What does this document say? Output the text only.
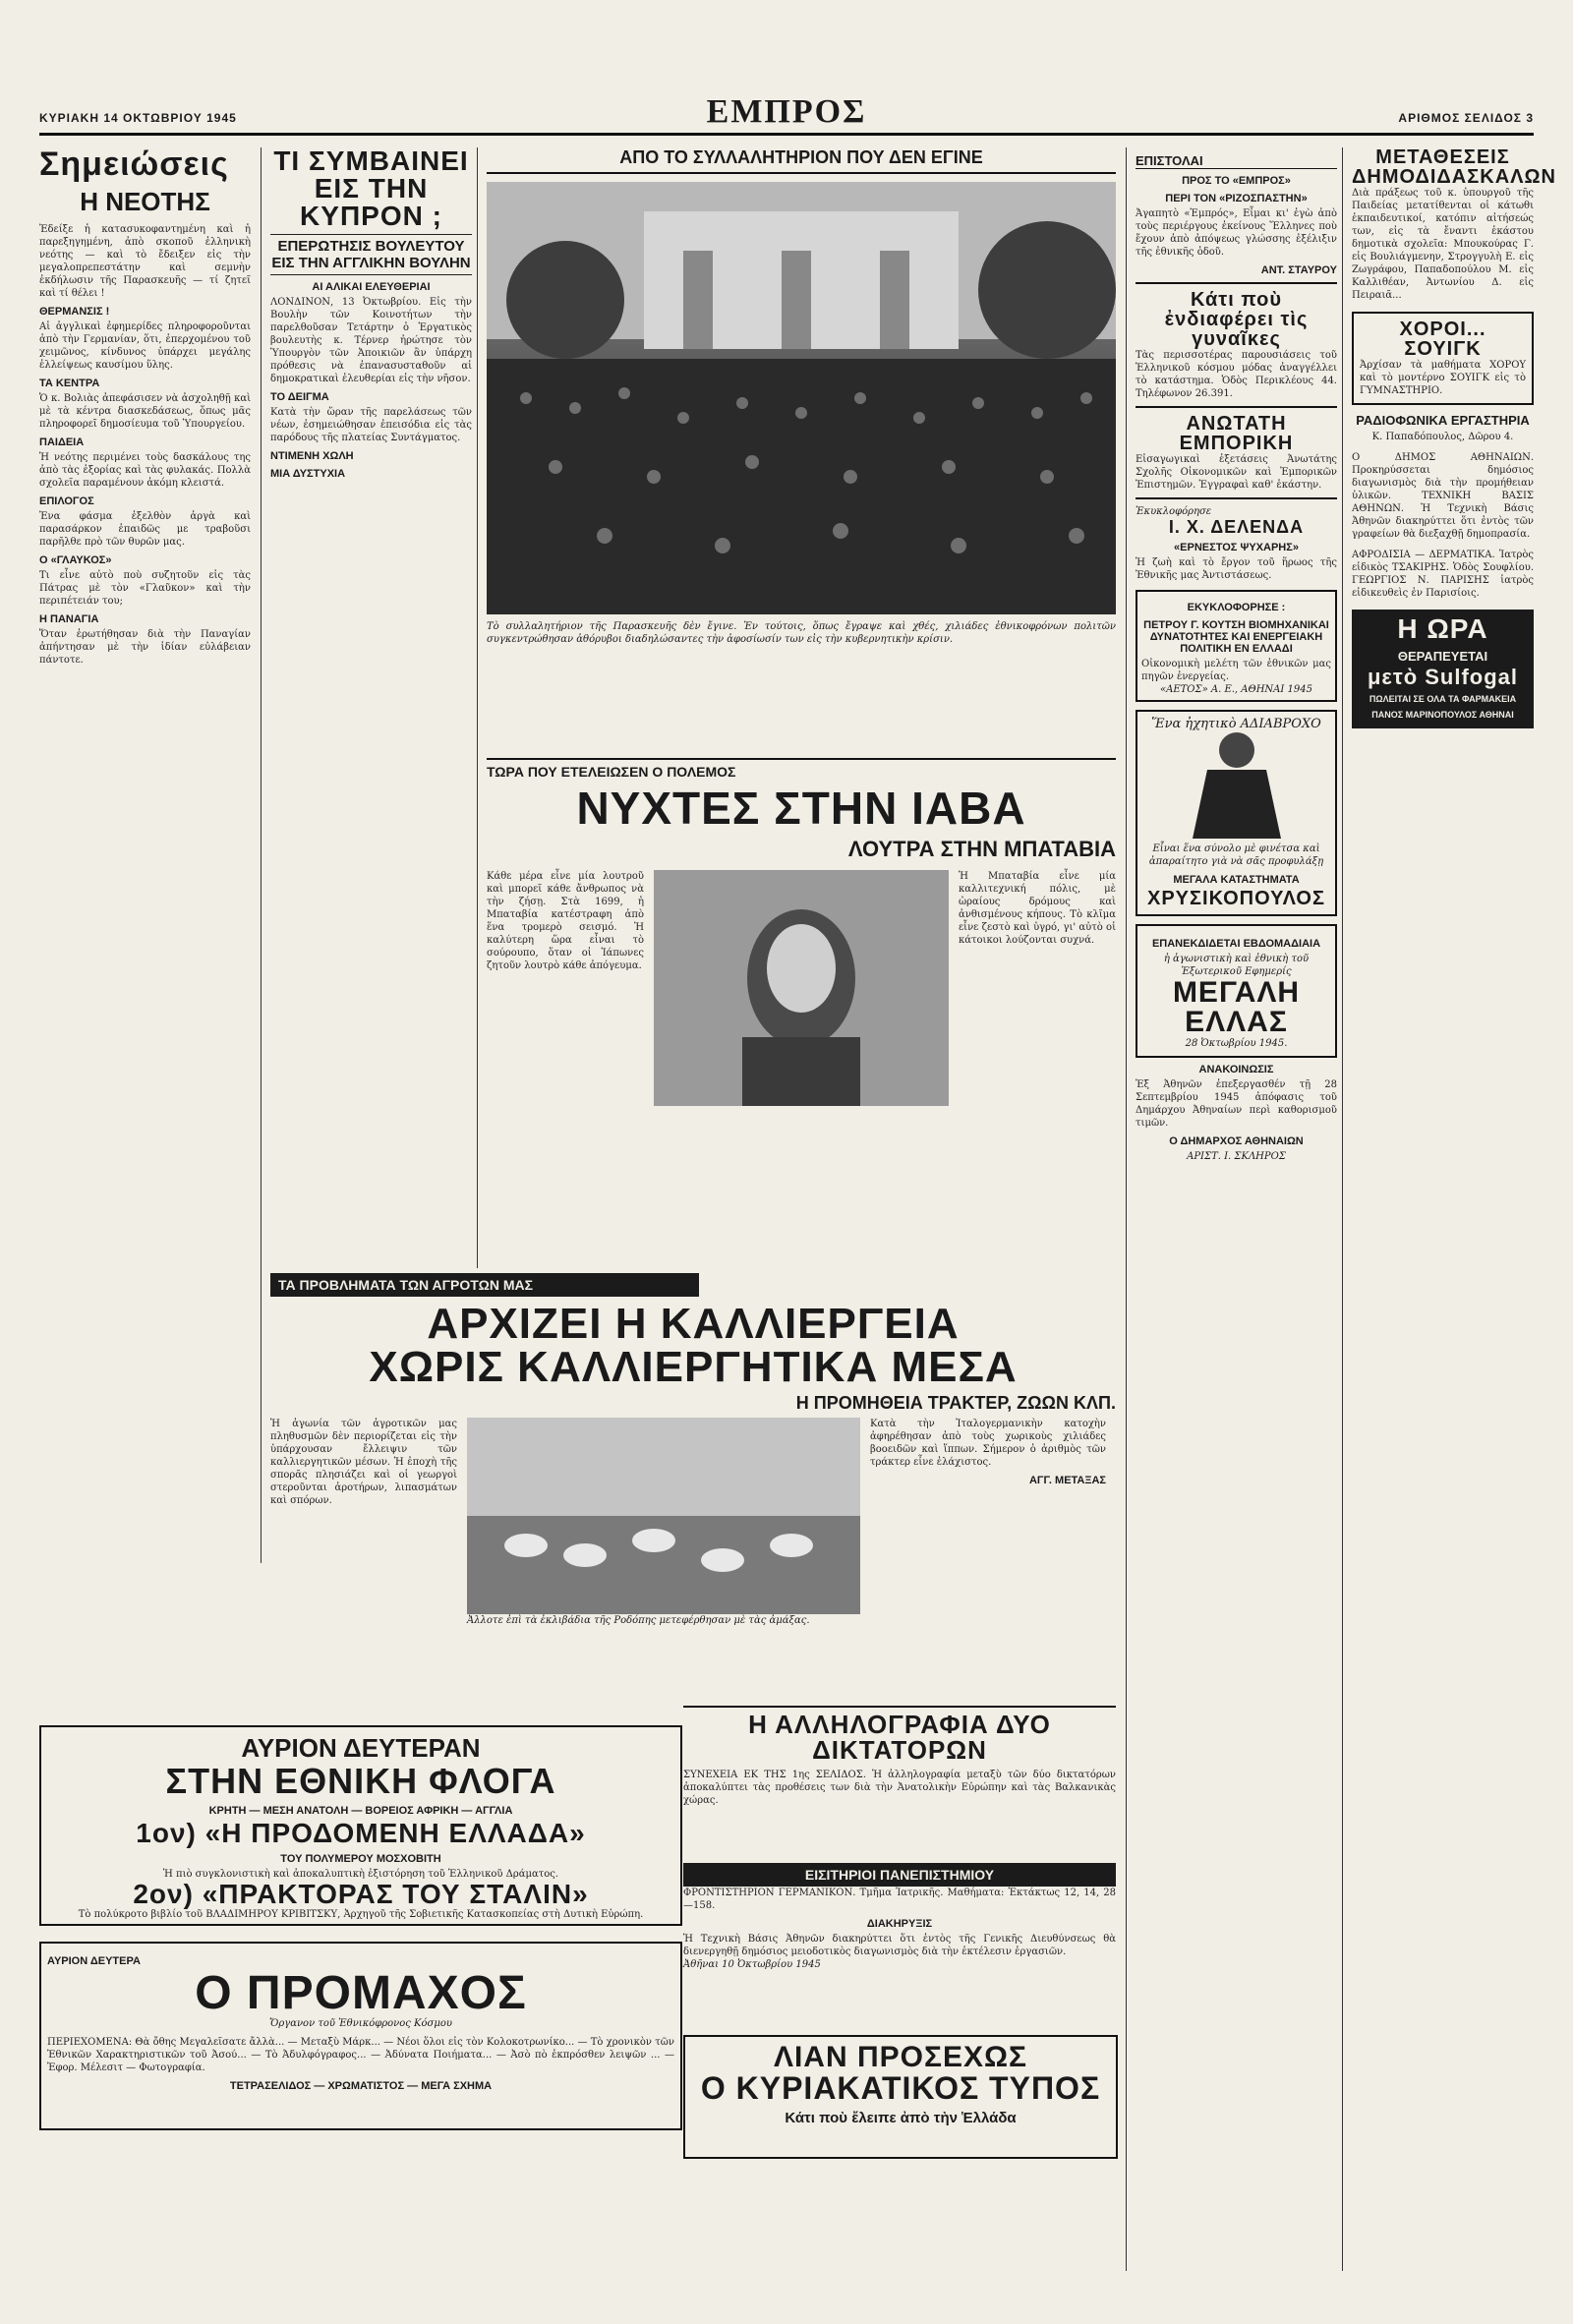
ΚΥΡΙΑΚΗ 14 ΟΚΤΩΒΡΙΟΥ 1945	ΕΜΠΡΟΣ	ΑΡΙΘΜΟΣ ΣΕΛΙΔΟΣ 3
Σημειώσεις
Η ΝΕΟΤΗΣ
Ἐδείξε ἡ κατασυκοφαντημένη καὶ ἡ παρεξηγημένη, ἀπὸ σκοποῦ ἑλληνικὴ νεότης — καὶ τὸ ἔδειξεν εἰς τὴν μεγαλοπρεπεστάτην καὶ σεμνὴν ἐκδήλωσιν τῆς Παρασκευῆς — τί ζητεῖ καὶ τί θέλει !
ΘΕΡΜΑΝΣΙΣ !
Αἱ ἀγγλικαὶ ἐφημερίδες πληροφοροῦνται ἀπὸ τὴν Γερμανίαν, ὅτι, ἐπερχομένου τοῦ χειμῶνος, κίνδυνος ὑπάρχει μεγάλης ἐλλείψεως καυσίμου ὕλης.
ΤΑ ΚΕΝΤΡΑ
Ὁ κ. Βολιὰς ἀπεφάσισεν νὰ ἀσχοληθῇ καὶ μὲ τὰ κέντρα διασκεδάσεως, ὅπως μᾶς πληροφορεῖ δημοσίευμα τοῦ Ὑπουργείου.
ΠΑΙΔΕΙΑ
Ἡ νεότης περιμένει τοὺς δασκάλους της ἀπὸ τὰς ἐξορίας καὶ τὰς φυλακάς. Πολλὰ σχολεῖα παραμένουν ἀκόμη κλειστά.
ΕΠΙΛΟΓΟΣ
Ἐνα φάσμα ἐξελθὸν ἀργὰ καὶ παρασάρκον ἐπαιδῶς με τραβοῦσι παρῆλθε πρὸ τῶν θυρῶν μας.
Ο «ΓΛΑΥΚΟΣ»
Τι εἶνε αὐτὸ ποὺ συζητοῦν εἰς τὰς Πάτρας μὲ τὸν «Γλαῦκον» καὶ τὴν περιπέτειάν του;
Η ΠΑΝΑΓΙΑ
Ὅταν ἐρωτήθησαν διὰ τὴν Παναγίαν ἀπήντησαν μὲ τὴν ἰδίαν εὐλάβειαν πάντοτε.
ΤΙ ΣΥΜΒΑΙΝΕΙ ΕΙΣ ΤΗΝ ΚΥΠΡΟΝ ;
ΕΠΕΡΩΤΗΣΙΣ ΒΟΥΛΕΥΤΟΥ ΕΙΣ ΤΗΝ ΑΓΓΛΙΚΗΝ ΒΟΥΛΗΝ
ΑΙ ΑΛΙΚΑΙ ΕΛΕΥΘΕΡΙΑΙ
ΛΟΝΔΙΝΟΝ, 13 Ὀκτωβρίου. Εἰς τὴν Βουλὴν τῶν Κοινοτήτων τὴν παρελθοῦσαν Τετάρτην ὁ Ἐργατικὸς βουλευτὴς κ. Τέρνερ ἠρώτησε τὸν Ὑπουργὸν τῶν Ἀποικιῶν ἂν ὑπάρχη πρόθεσις νὰ ἐπανασυσταθοῦν αἱ δημοκρατικαὶ ἐλευθερίαι εἰς τὴν νῆσον.
ΤΟ ΔΕΙΓΜΑ
Κατὰ τὴν ὥραν τῆς παρελάσεως τῶν νέων, ἐσημειώθησαν ἐπεισόδια εἰς τὰς παρόδους τῆς πλατείας Συντάγματος.
ΝΤΙΜΕΝΗ ΧΩΛΗ
ΜΙΑ ΔΥΣΤΥΧΙΑ
ΑΠΟ ΤΟ ΣΥΛΛΑΛΗΤΗΡΙΟΝ ΠΟΥ ΔΕΝ ΕΓΙΝΕ
Τὸ συλλαλητήριον τῆς Παρασκευῆς δὲν ἔγινε. Ἐν τούτοις, ὅπως ἔγραψε καὶ χθές, χιλιάδες ἐθνικοφρόνων πολιτῶν συγκεντρώθησαν ἀθόρυβοι διαδηλώσαντες τὴν ἀφοσίωσίν των εἰς τὴν κυβερνητικὴν κρίσιν.
ΤΩΡΑ ΠΟΥ ΕΤΕΛΕΙΩΣΕΝ Ο ΠΟΛΕΜΟΣ
ΝΥΧΤΕΣ ΣΤΗΝ ΙΑΒΑ
ΛΟΥΤΡΑ ΣΤΗΝ ΜΠΑΤΑΒΙΑ
Κάθε μέρα εἶνε μία λουτροῦ καὶ μπορεῖ κάθε ἄνθρωπος νὰ τὴν ζήσῃ. Στὰ 1699, ἡ Μπαταβία κατέστραφη ἀπὸ ἕνα τρομερὸ σεισμό. Ἡ καλύτερη ὥρα εἶναι τὸ σούρουπο, ὅταν οἱ Ἰάπωνες ζητοῦν λουτρὸ κάθε ἀπόγευμα.
Ἡ Μπαταβία εἶνε μία καλλιτεχνική πόλις, μὲ ὡραίους δρόμους καὶ ἀνθισμένους κήπους. Τὸ κλῖμα εἶνε ζεστὸ καὶ ὑγρό, γι' αὐτὸ οἱ κάτοικοι λούζονται συχνά.
ΤΑ ΠΡΟΒΛΗΜΑΤΑ ΤΩΝ ΑΓΡΟΤΩΝ ΜΑΣ
ΑΡΧΙΖΕΙ Η ΚΑΛΛΙΕΡΓΕΙΑ
ΧΩΡΙΣ ΚΑΛΛΙΕΡΓΗΤΙΚΑ ΜΕΣΑ
Η ΠΡΟΜΗΘΕΙΑ ΤΡΑΚΤΕΡ, ΖΩΩΝ ΚΛΠ.
Ἡ ἀγωνία τῶν ἀγροτικῶν μας πληθυσμῶν δὲν περιορίζεται εἰς τὴν ὑπάρχουσαν ἔλλειψιν τῶν καλλιεργητικῶν μέσων. Ἡ ἐποχὴ τῆς σπορᾶς πλησιάζει καὶ οἱ γεωργοὶ στεροῦνται ἀροτήρων, λιπασμάτων καὶ σπόρων.
Ἀλλοτε ἐπὶ τὰ ἐκλιβάδια τῆς Ροδόπης μετεφέρθησαν μὲ τὰς ἀμάξας.
Κατὰ τὴν Ἰταλογερμανικὴν κατοχὴν ἀφηρέθησαν ἀπὸ τοὺς χωρικοὺς χιλιάδες βοοειδῶν καὶ ἵππων. Σήμερον ὁ ἀριθμὸς τῶν τράκτερ εἶνε ἐλάχιστος.
ΑΓΓ. ΜΕΤΑΞΑΣ
Η ΑΛΛΗΛΟΓΡΑΦΙΑ ΔΥΟ ΔΙΚΤΑΤΟΡΩΝ
ΣΥΝΕΧΕΙΑ ΕΚ ΤΗΣ 1ης ΣΕΛΙΔΟΣ. Ἡ ἀλληλογραφία μεταξὺ τῶν δύο δικτατόρων ἀποκαλύπτει τὰς προθέσεις των διὰ τὴν Ἀνατολικὴν Εὐρώπην καὶ τὰς Βαλκανικὰς χώρας.
ΑΥΡΙΟΝ ΔΕΥΤΕΡΑΝ
ΣΤΗΝ ΕΘΝΙΚΗ ΦΛΟΓΑ
ΚΡΗΤΗ — ΜΕΣΗ ΑΝΑΤΟΛΗ — ΒΟΡΕΙΟΣ ΑΦΡΙΚΗ — ΑΓΓΛΙΑ
1ον) «Η ΠΡΟΔΟΜΕΝΗ ΕΛΛΑΔΑ»
ΤΟΥ ΠΟΛΥΜΕΡΟΥ ΜΟΣΧΟΒΙΤΗ
Ἡ πιὸ συγκλονιστικὴ καὶ ἀποκαλυπτικὴ ἐξιστόρηση τοῦ Ἑλληνικοῦ Δράματος.
2ον) «ΠΡΑΚΤΟΡΑΣ ΤΟΥ ΣΤΑΛΙΝ»
Τὸ πολύκροτο βιβλίο τοῦ ΒΛΑΔΙΜΗΡΟΥ ΚΡΙΒΙΤΣΚΥ, Ἀρχηγοῦ τῆς Σοβιετικῆς Κατασκοπείας στὴ Δυτικὴ Εὐρώπη.
ΑΥΡΙΟΝ ΔΕΥΤΕΡΑ
Ο ΠΡΟΜΑΧΟΣ
Ὄργανον τοῦ Ἐθνικόφρονος Κόσμου
ΠΕΡΙΕΧΟΜΕΝΑ: Θὰ ὄθης Μεγαλεῖσατε ἄλλὰ... — Μεταξὺ Μάρκ... — Νέοι ὅλοι εἰς τὸν Κολοκοτρωνίκο... — Τὸ χρονικὸν τῶν Ἐθνικῶν Χαρακτηριστικῶν τοῦ Ἀσού... — Τὸ Ἀδυλφόγραφος... — Ἀδύνατα Ποιήματα... — Ἀσὸ πὸ ἐκπρόσθεν λειψῶν ... — Ἐφορ. Μέλεσιτ — Φωτογραφία.
ΤΕΤΡΑΣΕΛΙΔΟΣ — ΧΡΩΜΑΤΙΣΤΟΣ — ΜΕΓΑ ΣΧΗΜΑ
ΕΙΣΙΤΗΡΙΟΙ ΠΑΝΕΠΙΣΤΗΜΙΟΥ
ΦΡΟΝΤΙΣΤΗΡΙΟΝ ΓΕΡΜΑΝΙΚΟΝ. Τμῆμα Ἰατρικῆς. Μαθήματα: Ἐκτάκτως 12, 14, 28—158.
ΔΙΑΚΗΡΥΞΙΣ
Ἡ Τεχνικὴ Βάσις Ἀθηνῶν διακηρύττει ὅτι ἐντὸς τῆς Γενικῆς Διευθύνσεως θὰ διενεργηθῇ δημόσιος μειοδοτικὸς διαγωνισμὸς διὰ τὴν ἐκτέλεσιν ἐργασιῶν.
Ἀθῆναι 10 Ὀκτωβρίου 1945
ΛΙΑΝ ΠΡΟΣΕΧΩΣ
Ο ΚΥΡΙΑΚΑΤΙΚΟΣ ΤΥΠΟΣ
Κάτι ποὺ ἔλειπε ἀπὸ τὴν Ἑλλάδα
ΕΠΙΣΤΟΛΑΙ
ΠΡΟΣ ΤΟ «ΕΜΠΡΟΣ»
ΠΕΡΙ ΤΟΝ «ΡΙΖΟΣΠΑΣΤΗΝ»
Ἀγαπητὸ «Ἐμπρός», Εἶμαι κι' ἐγὼ ἀπὸ τοὺς περιέργους ἐκείνους Ἕλληνες ποὺ ἔχουν ἀπὸ ἀπόψεως γλώσσης ἐξέλιξιν τῆς ἐθνικῆς ὁδοῦ.
ΑΝΤ. ΣΤΑΥΡΟΥ
Κάτι ποὺ ἐνδιαφέρει τὶς γυναῖκες
Τὰς περισσοτέρας παρουσιάσεις τοῦ Ἑλληνικοῦ κόσμου μόδας ἀναγγέλλει τὸ κατάστημα. Ὁδὸς Περικλέους 44. Τηλέφωνον 26.391.
ΑΝΩΤΑΤΗ ΕΜΠΟΡΙΚΗ
Εἰσαγωγικαὶ ἐξετάσεις Ἀνωτάτης Σχολῆς Οἰκονομικῶν καὶ Ἐμπορικῶν Ἐπιστημῶν. Ἐγγραφαὶ καθ' ἑκάστην.
Ἐκυκλοφόρησε
Ι. Χ. ΔΕΛΕΝΔΑ
«ΕΡΝΕΣΤΟΣ ΨΥΧΑΡΗΣ»
Ἡ ζωὴ καὶ τὸ ἔργον τοῦ ἥρωος τῆς Ἐθνικῆς μας Ἀντιστάσεως.
ΕΚΥΚΛΟΦΟΡΗΣΕ :
ΠΕΤΡΟΥ Γ. ΚΟΥΤΣΗ ΒΙΟΜΗΧΑΝΙΚΑΙ ΔΥΝΑΤΟΤΗΤΕΣ ΚΑΙ ΕΝΕΡΓΕΙΑΚΗ ΠΟΛΙΤΙΚΗ ΕΝ ΕΛΛΑΔΙ
Οἰκονομικὴ μελέτη τῶν ἐθνικῶν μας πηγῶν ἐνεργείας.
«ΑΕΤΟΣ» Α. Ε., ΑΘΗΝΑΙ 1945
Ἕνα ἠχητικὸ ΑΔΙΑΒΡΟΧΟ
Εἶναι ἕνα σύνολο μὲ φινέτσα καὶ ἀπαραίτητο γιὰ νὰ σᾶς προφυλάξῃ
ΜΕΓΑΛΑ ΚΑΤΑΣΤΗΜΑΤΑ
ΧΡΥΣΙΚΟΠΟΥΛΟΣ
ΕΠΑΝΕΚΔΙΔΕΤΑΙ ΕΒΔΟΜΑΔΙΑΙΑ
ἡ ἀγωνιστικὴ καὶ ἐθνικὴ τοῦ Ἐξωτερικοῦ Εφημερίς
ΜΕΓΑΛΗ ΕΛΛΑΣ
28 Ὀκτωβρίου 1945.
ΑΝΑΚΟΙΝΩΣΙΣ
Ἐξ Ἀθηνῶν ἐπεξεργασθέν τῇ 28 Σεπτεμβρίου 1945 ἀπόφασις τοῦ Δημάρχου Ἀθηναίων περὶ καθορισμοῦ τιμῶν.
Ο ΔΗΜΑΡΧΟΣ ΑΘΗΝΑΙΩΝ
ΑΡΙΣΤ. Ι. ΣΚΛΗΡΟΣ
ΜΕΤΑΘΕΣΕΙΣ ΔΗΜΟΔΙΔΑΣΚΑΛΩΝ
Διὰ πράξεως τοῦ κ. ὑπουργοῦ τῆς Παιδείας μετατίθενται οἱ κάτωθι ἐκπαιδευτικοί, κατόπιν αἰτήσεώς των, εἰς τὰ ἔναντι ἑκάστου δημοτικὰ σχολεῖα: Μπουκούρας Γ. εἰς Βουλιάγμενην, Στρογγυλὴ Ε. εἰς Ζωγράφου, Παπαδοπούλου Μ. εἰς Καλλιθέαν, Ἀντωνίου Δ. εἰς Πειραιᾶ...
ΧΟΡΟΙ... ΣΟΥΙΓΚ
Ἀρχίσαν τὰ μαθήματα ΧΟΡΟΥ καὶ τὸ μοντέρνο ΣΟΥΙΓΚ εἰς τὸ ΓΥΜΝΑΣΤΗΡΙΟ.
ΡΑΔΙΟΦΩΝΙΚΑ ΕΡΓΑΣΤΗΡΙΑ
Κ. Παπαδόπουλος, Δῶρου 4.
Ο ΔΗΜΟΣ ΑΘΗΝΑΙΩΝ. Προκηρύσσεται δημόσιος διαγωνισμὸς διὰ τὴν προμήθειαν ὑλικῶν. ΤΕΧΝΙΚΗ ΒΑΣΙΣ ΑΘΗΝΩΝ. Ἡ Τεχνικὴ Βάσις Ἀθηνῶν διακηρύττει ὅτι ἐντὸς τῶν γραφείων θὰ διεξαχθῇ δημοπρασία.
ΑΦΡΟΔΙΣΙΑ — ΔΕΡΜΑΤΙΚΑ. Ἰατρὸς εἰδικὸς ΤΣΑΚΙΡΗΣ. Ὁδὸς Σουφλίου. ΓΕΩΡΓΙΟΣ Ν. ΠΑΡΙΣΗΣ ἰατρὸς εἰδικευθεὶς ἐν Παρισίοις.
Η ΩΡΑ
ΘΕΡΑΠΕΥΕΤΑΙ
μετὸ Sulfogal
ΠΩΛΕΙΤΑΙ ΣΕ ΟΛΑ ΤΑ ΦΑΡΜΑΚΕΙΑ
ΠΑΝΟΣ ΜΑΡΙΝΟΠΟΥΛΟΣ ΑΘΗΝΑΙ
